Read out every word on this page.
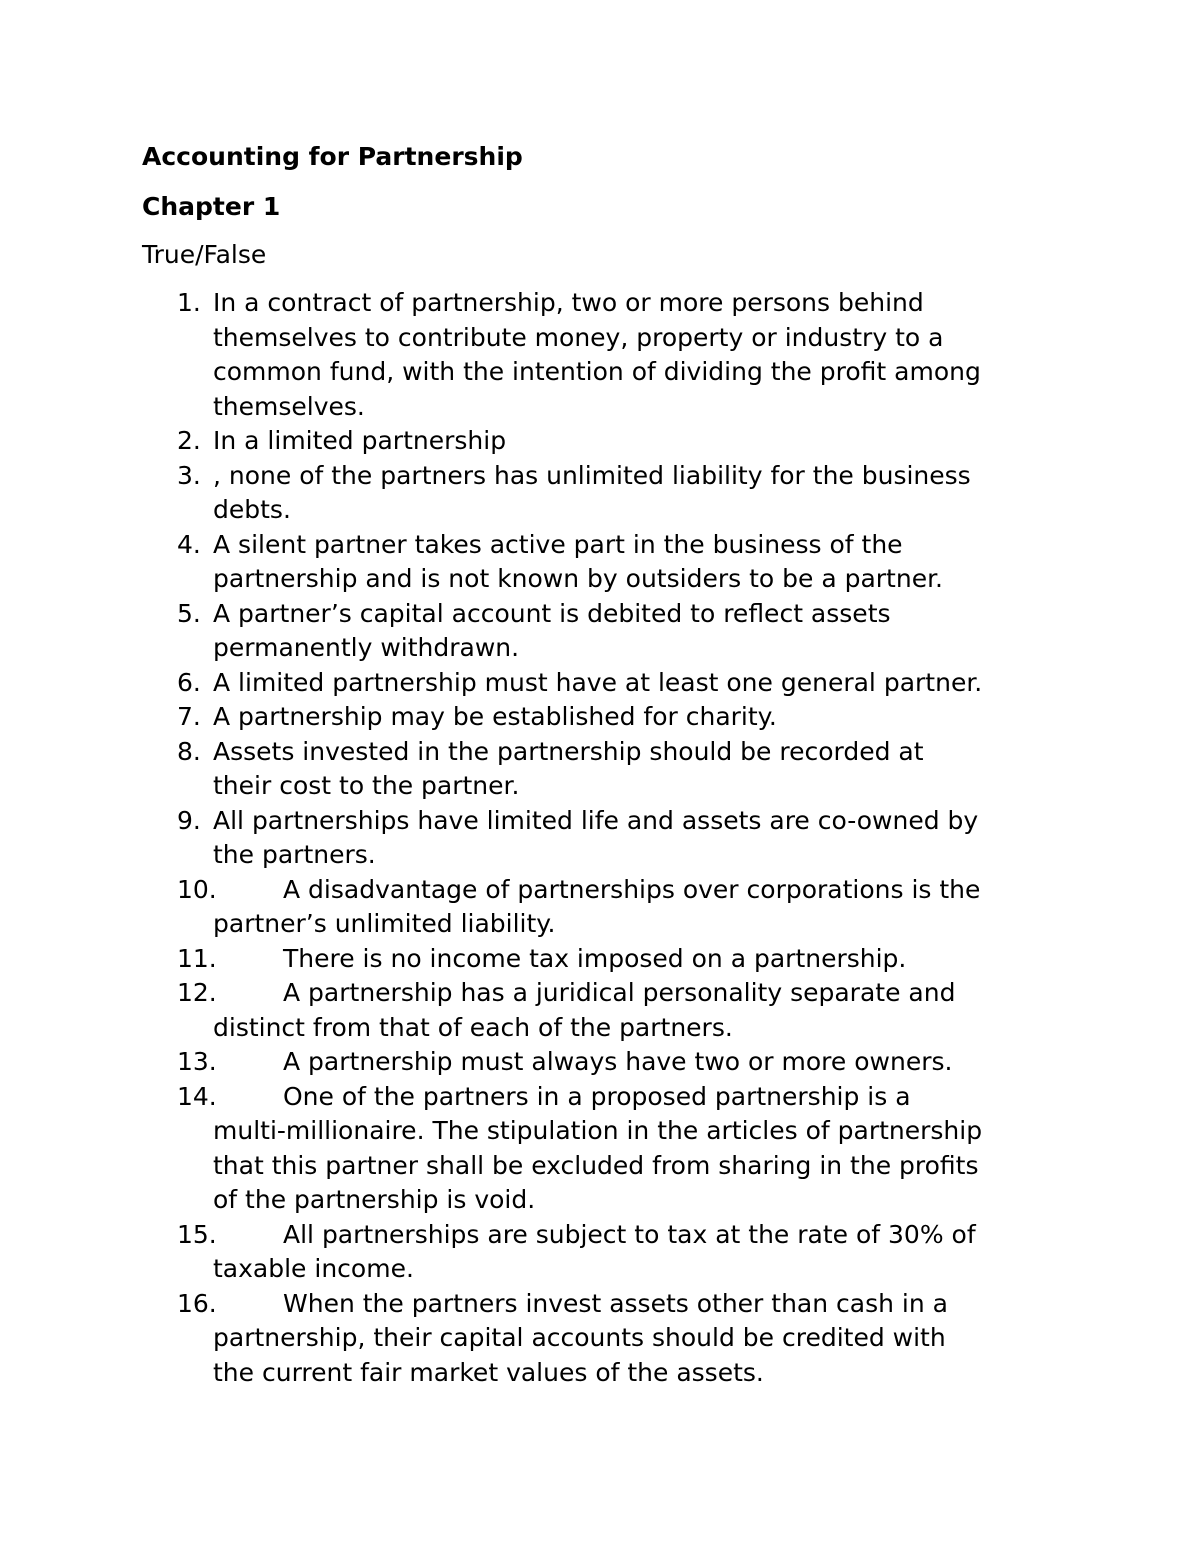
Accounting for Partnership
Chapter 1
True/False
1. In a contract of partnership, two or more persons behind
themselves to contribute money, property or industry to a
common fund, with the intention of dividing the profit among
themselves.
2. In a limited partnership
3. , none of the partners has unlimited liability for the business
debts.
4. A silent partner takes active part in the business of the
partnership and is not known by outsiders to be a partner.
5. A partner’s capital account is debited to reflect assets
permanently withdrawn.
6. A limited partnership must have at least one general partner.
7. A partnership may be established for charity.
8. Assets invested in the partnership should be recorded at
their cost to the partner.
9. All partnerships have limited life and assets are co-owned by
the partners.
10.	A disadvantage of partnerships over corporations is the
partner’s unlimited liability.
11.	There is no income tax imposed on a partnership.
12.	A partnership has a juridical personality separate and
distinct from that of each of the partners.
13.	A partnership must always have two or more owners.
14.	One of the partners in a proposed partnership is a
multi-millionaire. The stipulation in the articles of partnership
that this partner shall be excluded from sharing in the profits
of the partnership is void.
15.	All partnerships are subject to tax at the rate of 30% of
taxable income.
16.	When the partners invest assets other than cash in a
partnership, their capital accounts should be credited with
the current fair market values of the assets.
